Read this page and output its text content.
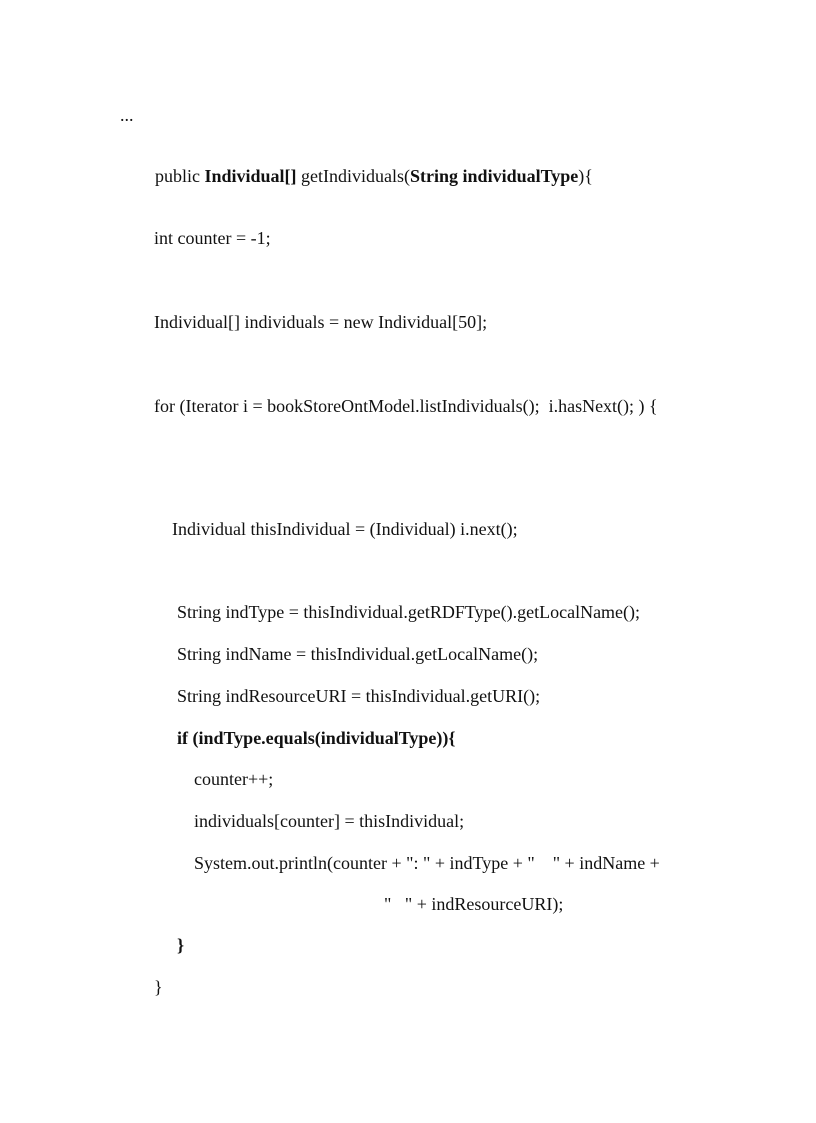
...

public Individual[] getIndividuals(String individualType){

int counter = -1;
Individual[] individuals = new Individual[50];
for (Iterator i = bookStoreOntModel.listIndividuals();  i.hasNext(); ) {
Individual thisIndividual = (Individual) i.next();
String indType = thisIndividual.getRDFType().getLocalName();
String indName = thisIndividual.getLocalName();
String indResourceURI = thisIndividual.getURI();
if (indType.equals(individualType)){
counter++;
individuals[counter] = thisIndividual;
System.out.println(counter + ": " + indType + "    " + indName +
"   " + indResourceURI);
}
}
